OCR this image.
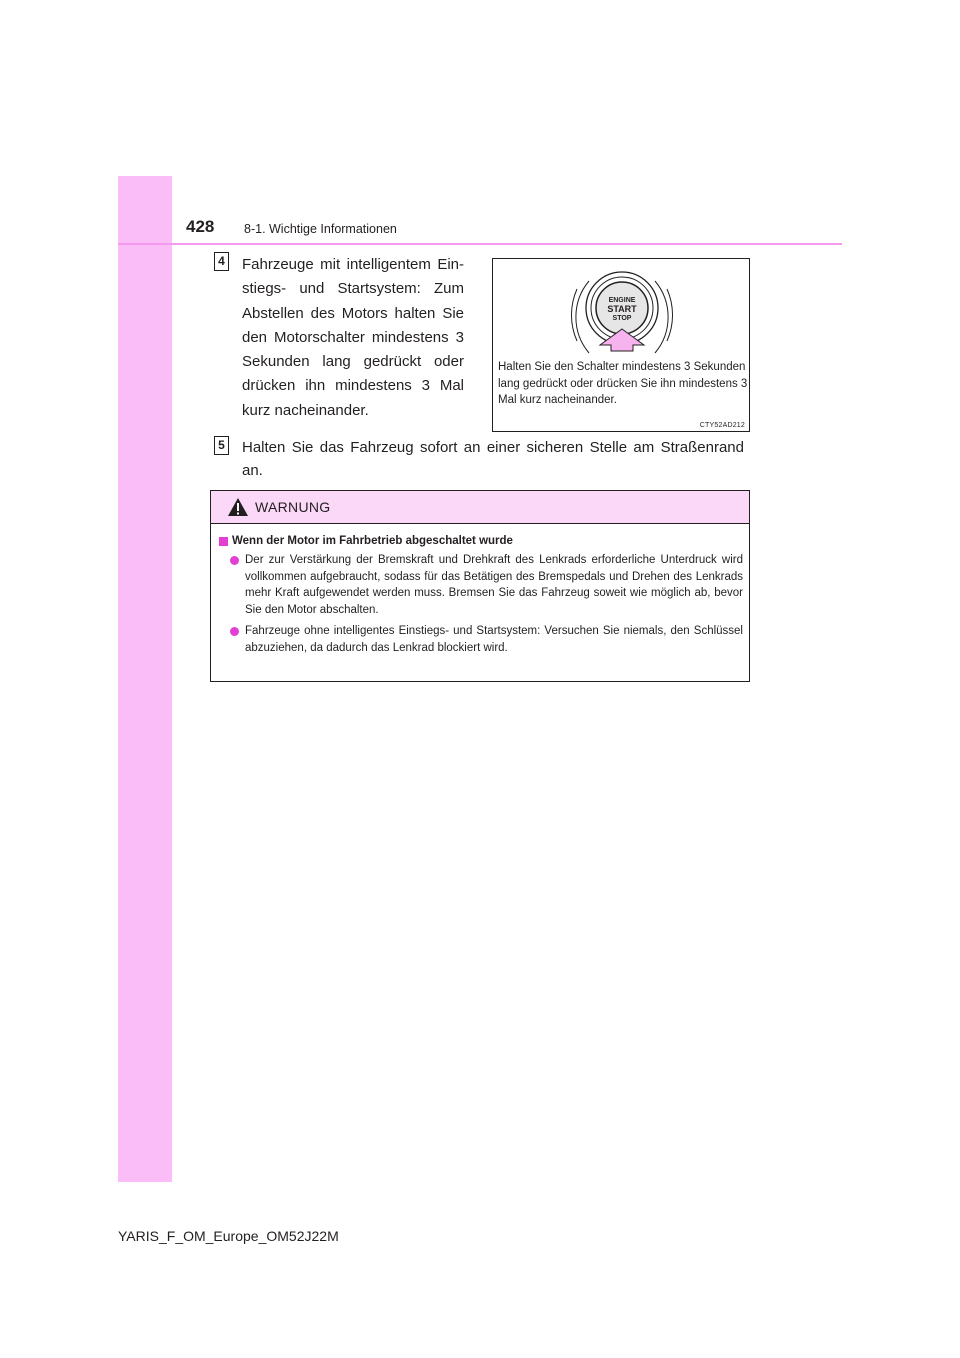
428 8-1. Wichtige Informationen
4 Fahrzeuge mit intelligentem Einstiegs- und Startsystem: Zum Abstellen des Motors halten Sie den Motorschalter mindestens 3 Sekunden lang gedrückt oder drücken ihn mindestens 3 Mal kurz nacheinander.

ENGINE
START
STOP

Halten Sie den Schalter mindestens 3 Sekunden lang gedrückt oder drücken Sie ihn mindestens 3 Mal kurz nacheinander.

CTY52AD212
5 Halten Sie das Fahrzeug sofort an einer sicheren Stelle am Straßenrand an.

WARNUNG

Wenn der Motor im Fahrbetrieb abgeschaltet wurde

Der zur Verstärkung der Bremskraft und Drehkraft des Lenkrads erforderliche Unterdruck wird vollkommen aufgebraucht, sodass für das Betätigen des Bremspedals und Drehen des Lenkrads mehr Kraft aufgewendet werden muss. Bremsen Sie das Fahrzeug soweit wie möglich ab, bevor Sie den Motor abschalten.

Fahrzeuge ohne intelligentes Einstiegs- und Startsystem: Versuchen Sie niemals, den Schlüssel abzuziehen, da dadurch das Lenkrad blockiert wird.

YARIS_F_OM_Europe_OM52J22M
